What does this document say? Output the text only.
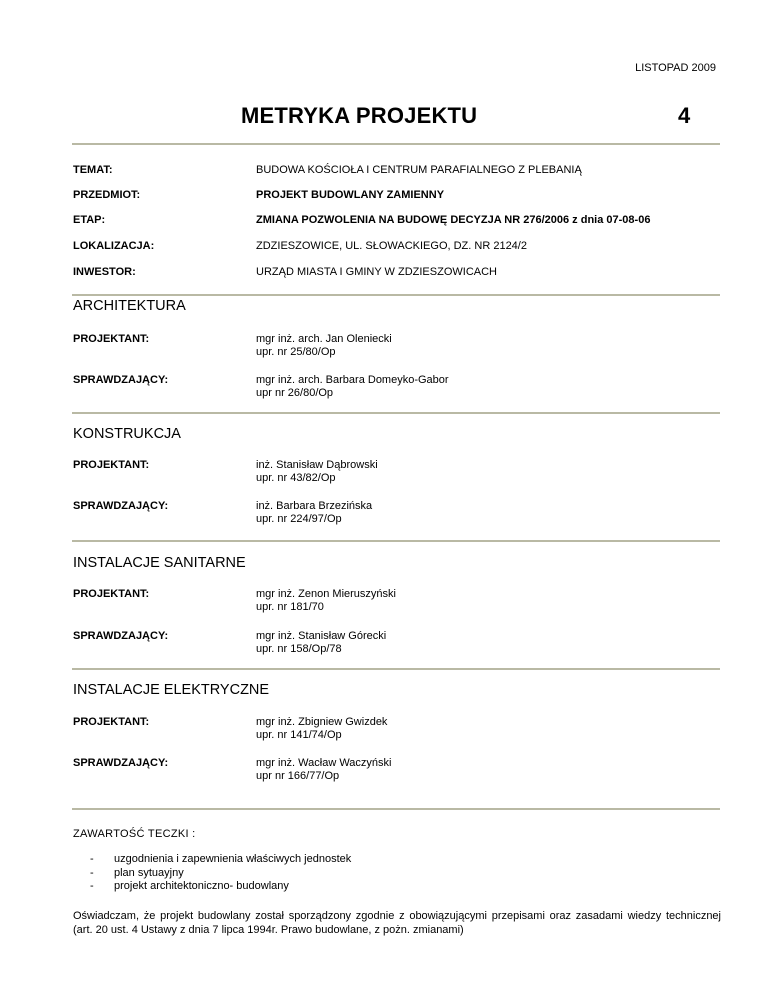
LISTOPAD 2009
METRYKA PROJEKTU	4
TEMAT:	BUDOWA KOŚCIOŁA I CENTRUM PARAFIALNEGO Z PLEBANIĄ
PRZEDMIOT:	PROJEKT BUDOWLANY ZAMIENNY
ETAP:	ZMIANA POZWOLENIA NA BUDOWĘ DECYZJA NR 276/2006 z dnia 07-08-06
LOKALIZACJA:	ZDZIESZOWICE, UL. SŁOWACKIEGO, DZ. NR 2124/2
INWESTOR:	URZĄD MIASTA I GMINY W ZDZIESZOWICACH
ARCHITEKTURA
PROJEKTANT:	mgr inż. arch. Jan Oleniecki
upr. nr 25/80/Op
SPRAWDZAJĄCY:	mgr inż. arch. Barbara Domeyko-Gabor
upr nr 26/80/Op
KONSTRUKCJA
PROJEKTANT:	inż. Stanisław Dąbrowski
upr. nr 43/82/Op
SPRAWDZAJĄCY:	inż. Barbara Brzezińska
upr. nr 224/97/Op
INSTALACJE SANITARNE
PROJEKTANT:	mgr inż. Zenon Mieruszyński
upr. nr 181/70
SPRAWDZAJĄCY:	mgr inż. Stanisław Górecki
upr. nr 158/Op/78
INSTALACJE ELEKTRYCZNE
PROJEKTANT:	mgr inż. Zbigniew Gwizdek
upr. nr 141/74/Op
SPRAWDZAJĄCY:	mgr inż. Wacław Waczyński
upr nr 166/77/Op
ZAWARTOŚĆ TECZKI :
- uzgodnienia i zapewnienia właściwych jednostek
- plan sytuayjny
- projekt architektoniczno- budowlany
Oświadczam, że projekt budowlany został sporządzony zgodnie z obowiązującymi przepisami oraz zasadami wiedzy technicznej (art. 20 ust. 4 Ustawy z dnia 7 lipca 1994r. Prawo budowlane, z pożn. zmianami)
